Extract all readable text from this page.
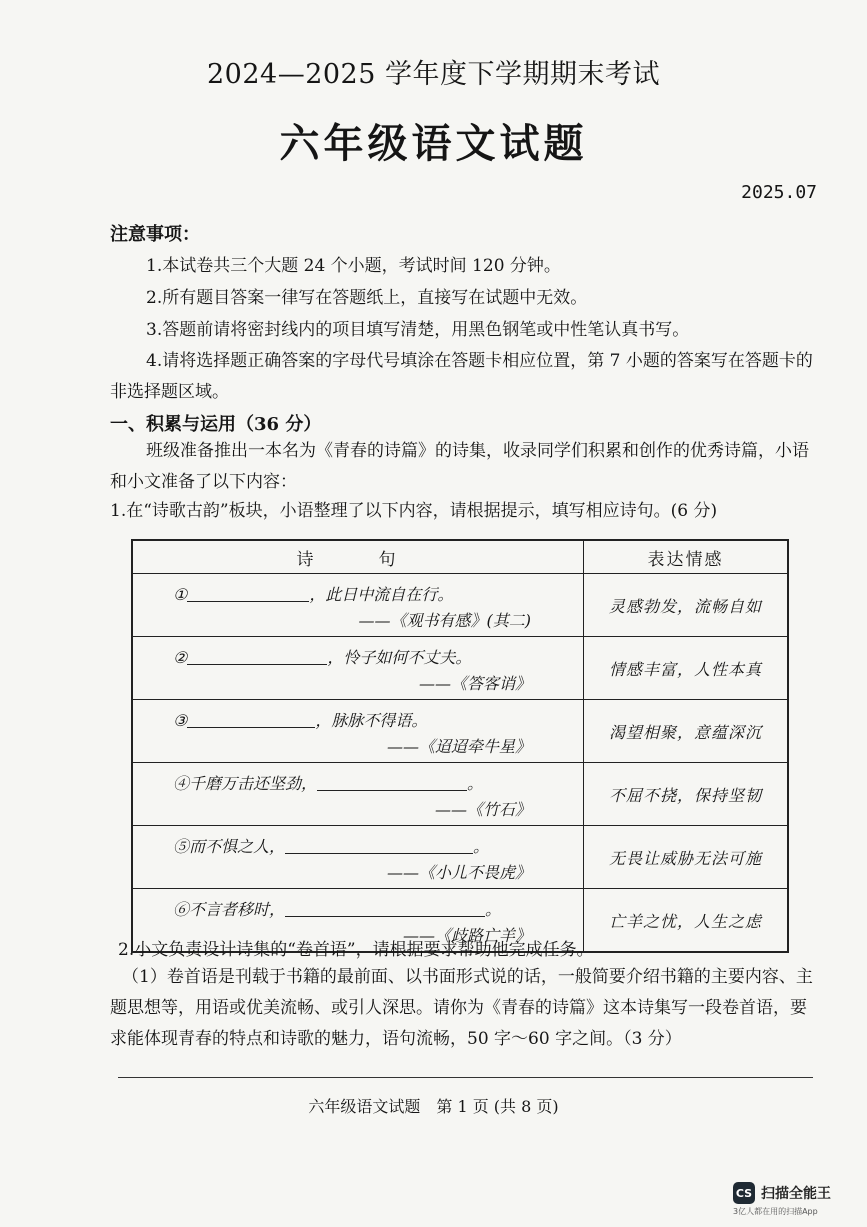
2024—2025 学年度下学期期末考试
六年级语文试题
2025.07
注意事项：
1.本试卷共三个大题 24 个小题，考试时间 120 分钟。
2.所有题目答案一律写在答题纸上，直接写在试题中无效。
3.答题前请将密封线内的项目填写清楚，用黑色钢笔或中性笔认真书写。
4.请将选择题正确答案的字母代号填涂在答题卡相应位置，第 7 小题的答案写在答题卡的非选择题区域。
一、积累与运用（36 分）
班级准备推出一本名为《青春的诗篇》的诗集，收录同学们积累和创作的优秀诗篇，小语和小文准备了以下内容：
1.在“诗歌古韵”板块，小语整理了以下内容，请根据提示，填写相应诗句。(6 分)
诗　句	表达情感

① ，此日中流自在行。
——《观书有感》(其二)	灵感勃发，流畅自如

② ，怜子如何不丈夫。
——《答客诮》	情感丰富，人性本真

③ ，脉脉不得语。
——《迢迢牵牛星》	渴望相聚，意蕴深沉

④千磨万击还坚劲， 。
——《竹石》	不屈不挠，保持坚韧

⑤而不惧之人， 。
——《小儿不畏虎》	无畏让威胁无法可施

⑥不言者移时， 。
——《歧路亡羊》	亡羊之忧，人生之虑
2.小文负责设计诗集的“卷首语”，请根据要求帮助他完成任务。
（1）卷首语是刊载于书籍的最前面、以书面形式说的话，一般简要介绍书籍的主要内容、主题思想等，用语或优美流畅、或引人深思。请你为《青春的诗篇》这本诗集写一段卷首语，要求能体现青春的特点和诗歌的魅力，语句流畅，50 字～60 字之间。（3 分）
六年级语文试题　第 1 页 (共 8 页)
CS 扫描全能王
3亿人都在用的扫描App
